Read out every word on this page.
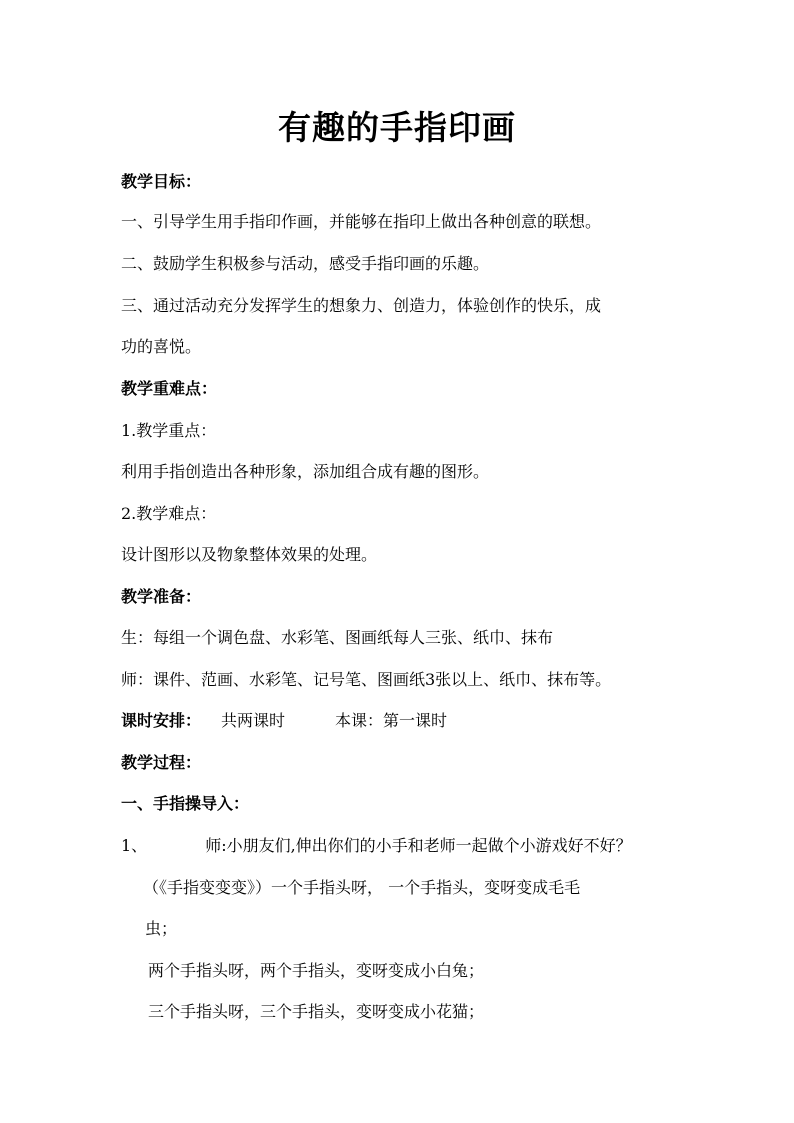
有趣的手指印画
教学目标：
一、引导学生用手指印作画，并能够在指印上做出各种创意的联想。
二、鼓励学生积极参与活动，感受手指印画的乐趣。
三、通过活动充分发挥学生的想象力、创造力，体验创作的快乐，成
功的喜悦。
教学重难点：
1.教学重点：
利用手指创造出各种形象，添加组合成有趣的图形。
2.教学难点：
设计图形以及物象整体效果的处理。
教学准备：
生：每组一个调色盘、水彩笔、图画纸每人三张、纸巾、抹布
师：课件、范画、水彩笔、记号笔、图画纸3张以上、纸巾、抹布等。
课时安排： 共两课时	本课：第一课时
教学过程：
一、手指操导入：
1、	师:小朋友们,伸出你们的小手和老师一起做个小游戏好不好？
（《手指变变变》）一个手指头呀， 一个手指头，变呀变成毛毛
虫；
两个手指头呀，两个手指头，变呀变成小白兔；
三个手指头呀，三个手指头，变呀变成小花猫；
